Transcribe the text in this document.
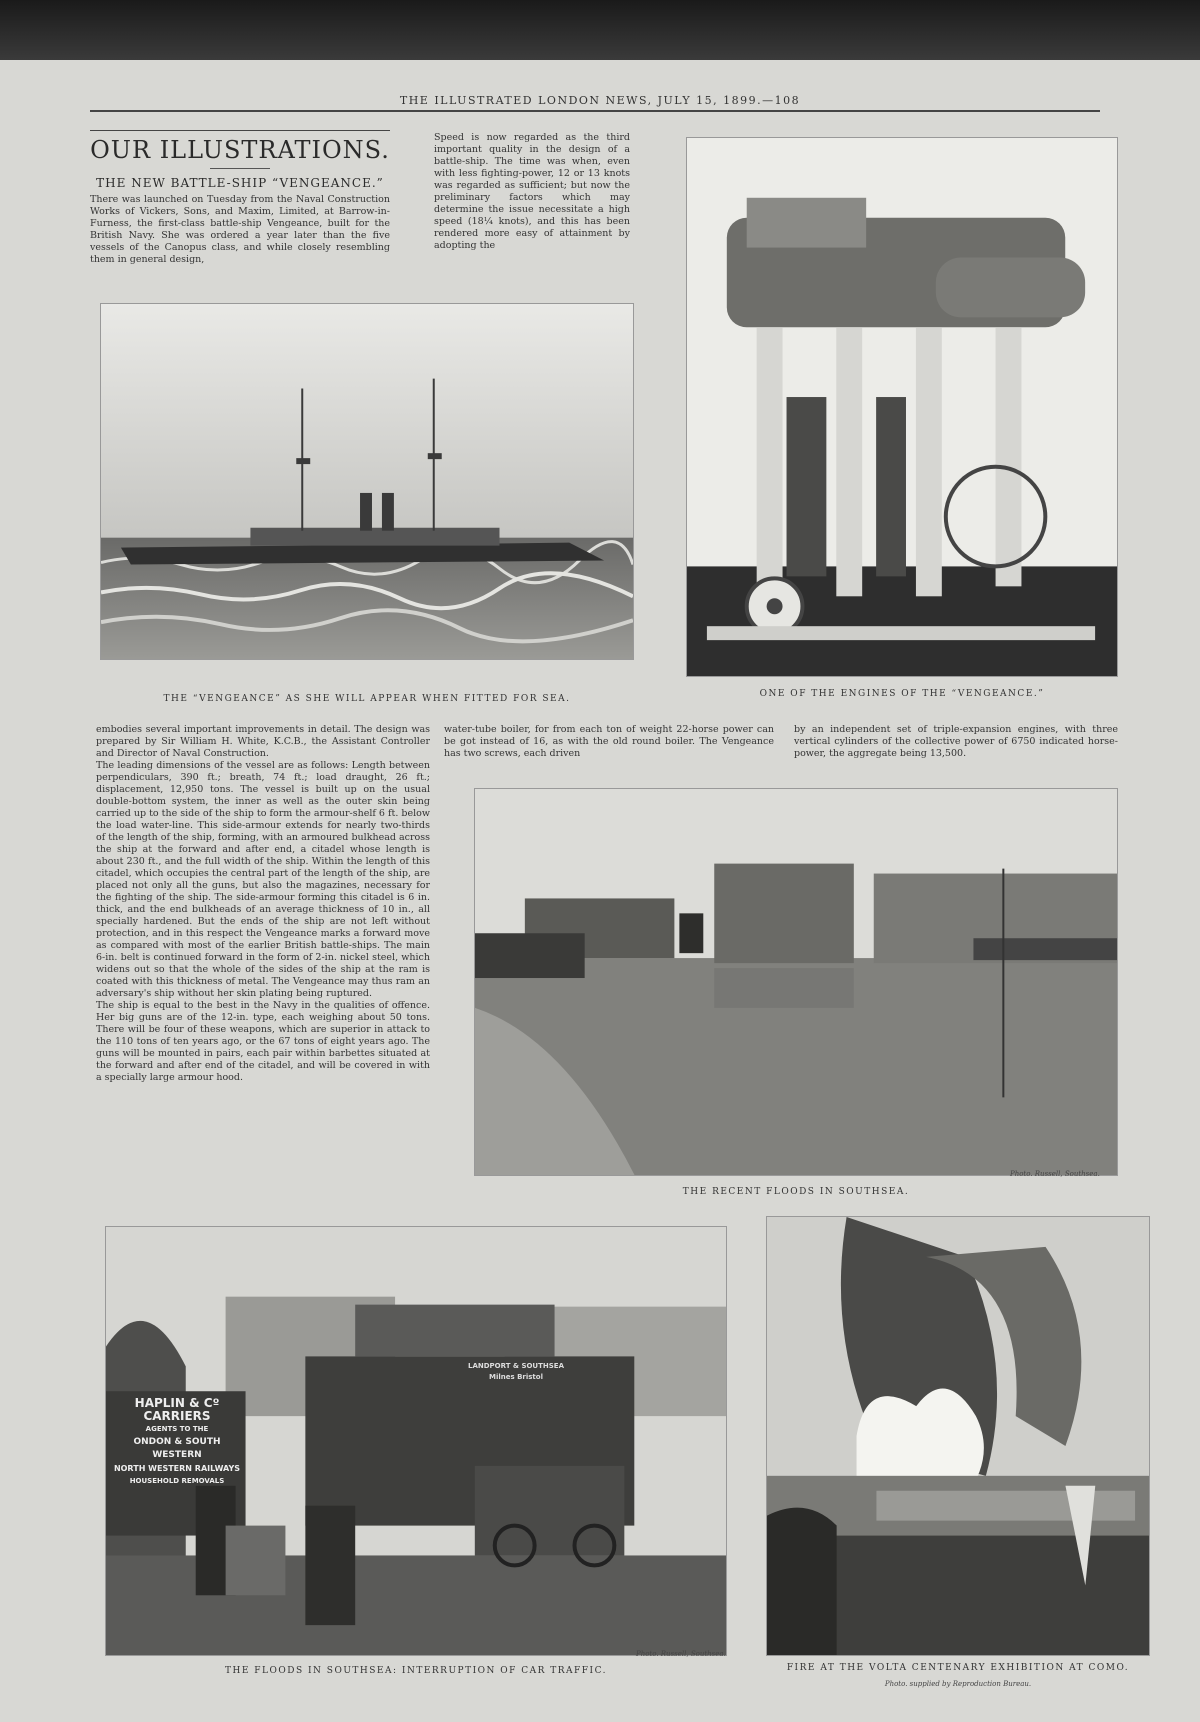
THE ILLUSTRATED LONDON NEWS, JULY 15, 1899.—108
OUR ILLUSTRATIONS.
THE NEW BATTLE-SHIP “VENGEANCE.”
There was launched on Tuesday from the Naval Construction Works of Vickers, Sons, and Maxim, Limited, at Barrow-in-Furness, the first-class battle-ship Vengeance, built for the British Navy. She was ordered a year later than the five vessels of the Canopus class, and while closely resembling them in general design,
Speed is now regarded as the third important quality in the design of a battle-ship. The time was when, even with less fighting-power, 12 or 13 knots was regarded as sufficient; but now the preliminary factors which may determine the issue necessitate a high speed (18¼ knots), and this has been rendered more easy of attainment by adopting the
THE “VENGEANCE” AS SHE WILL APPEAR WHEN FITTED FOR SEA.	ONE OF THE ENGINES OF THE “VENGEANCE.”
embodies several important improvements in detail. The design was prepared by Sir William H. White, K.C.B., the Assistant Controller and Director of Naval Construction.
The leading dimensions of the vessel are as follows: Length between perpendiculars, 390 ft.; breath, 74 ft.; load draught, 26 ft.; displacement, 12,950 tons. The vessel is built up on the usual double-bottom system, the inner as well as the outer skin being carried up to the side of the ship to form the armour-shelf 6 ft. below the load water-line. This side-armour extends for nearly two-thirds of the length of the ship, forming, with an armoured bulkhead across the ship at the forward and after end, a citadel whose length is about 230 ft., and the full width of the ship. Within the length of this citadel, which occupies the central part of the length of the ship, are placed not only all the guns, but also the magazines, necessary for the fighting of the ship. The side-armour forming this citadel is 6 in. thick, and the end bulkheads of an average thickness of 10 in., all specially hardened. But the ends of the ship are not left without protection, and in this respect the Vengeance marks a forward move as compared with most of the earlier British battle-ships. The main 6-in. belt is continued forward in the form of 2-in. nickel steel, which widens out so that the whole of the sides of the ship at the ram is coated with this thickness of metal. The Vengeance may thus ram an adversary's ship without her skin plating being ruptured.
The ship is equal to the best in the Navy in the qualities of offence. Her big guns are of the 12-in. type, each weighing about 50 tons. There will be four of these weapons, which are superior in attack to the 110 tons of ten years ago, or the 67 tons of eight years ago. The guns will be mounted in pairs, each pair within barbettes situated at the forward and after end of the citadel, and will be covered in with a specially large armour hood.
water-tube boiler, for from each ton of weight 22-horse power can be got instead of 16, as with the old round boiler. The Vengeance has two screws, each driven
by an independent set of triple-expansion engines, with three vertical cylinders of the collective power of 6750 indicated horse-power, the aggregate being 13,500.
THE RECENT FLOODS IN SOUTHSEA.
Photo. Russell, Southsea.
HAPLIN & Cº CARRIERS
AGENTS TO THE
ONDON & SOUTH WESTERN
NORTH WESTERN RAILWAYS
HOUSEHOLD REMOVALS
LANDPORT & SOUTHSEA
Milnes Bristol
THE FLOODS IN SOUTHSEA: INTERRUPTION OF CAR TRAFFIC.
Photo. Russell, Southsea.
FIRE AT THE VOLTA CENTENARY EXHIBITION AT COMO.
Photo. supplied by Reproduction Bureau.
